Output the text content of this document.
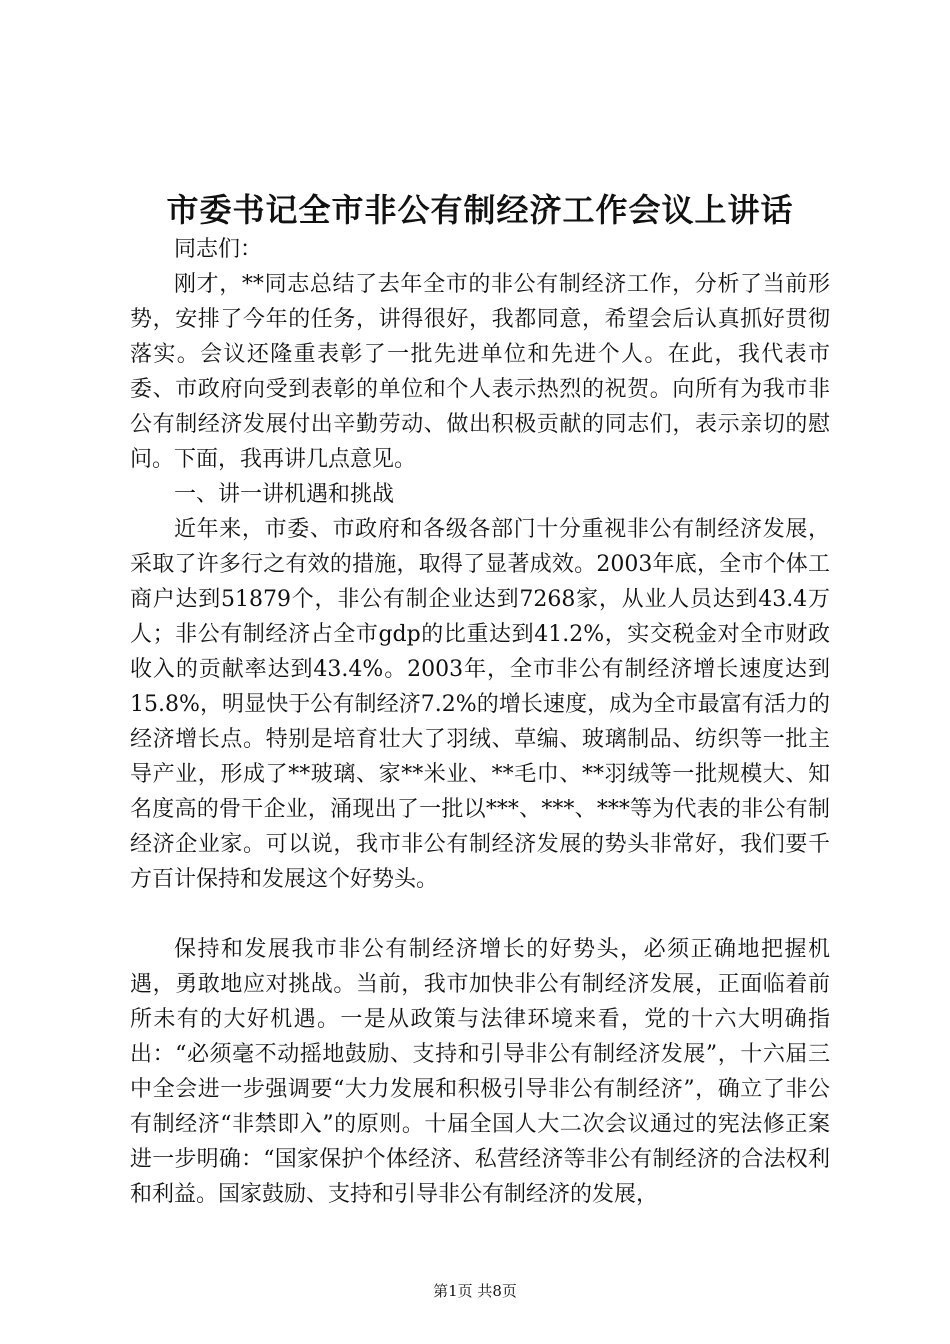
市委书记全市非公有制经济工作会议上讲话

同志们：

刚才，**同志总结了去年全市的非公有制经济工作，分析了当前形势，安排了今年的任务，讲得很好，我都同意，希望会后认真抓好贯彻落实。会议还隆重表彰了一批先进单位和先进个人。在此，我代表市委、市政府向受到表彰的单位和个人表示热烈的祝贺。向所有为我市非公有制经济发展付出辛勤劳动、做出积极贡献的同志们，表示亲切的慰问。下面，我再讲几点意见。

一、讲一讲机遇和挑战

近年来，市委、市政府和各级各部门十分重视非公有制经济发展，采取了许多行之有效的措施，取得了显著成效。2003年底，全市个体工商户达到51879个，非公有制企业达到7268家，从业人员达到43.4万人；非公有制经济占全市gdp的比重达到41.2%，实交税金对全市财政收入的贡献率达到43.4%。2003年，全市非公有制经济增长速度达到15.8%，明显快于公有制经济7.2%的增长速度，成为全市最富有活力的经济增长点。特别是培育壮大了羽绒、草编、玻璃制品、纺织等一批主导产业，形成了**玻璃、家**米业、**毛巾、**羽绒等一批规模大、知名度高的骨干企业，涌现出了一批以***、***、***等为代表的非公有制经济企业家。可以说，我市非公有制经济发展的势头非常好，我们要千方百计保持和发展这个好势头。

保持和发展我市非公有制经济增长的好势头，必须正确地把握机遇，勇敢地应对挑战。当前，我市加快非公有制经济发展，正面临着前所未有的大好机遇。一是从政策与法律环境来看，党的十六大明确指出：“必须毫不动摇地鼓励、支持和引导非公有制经济发展”，十六届三中全会进一步强调要“大力发展和积极引导非公有制经济”，确立了非公有制经济“非禁即入”的原则。十届全国人大二次会议通过的宪法修正案进一步明确：“国家保护个体经济、私营经济等非公有制经济的合法权利和利益。国家鼓励、支持和引导非公有制经济的发展，

第1页 共8页
